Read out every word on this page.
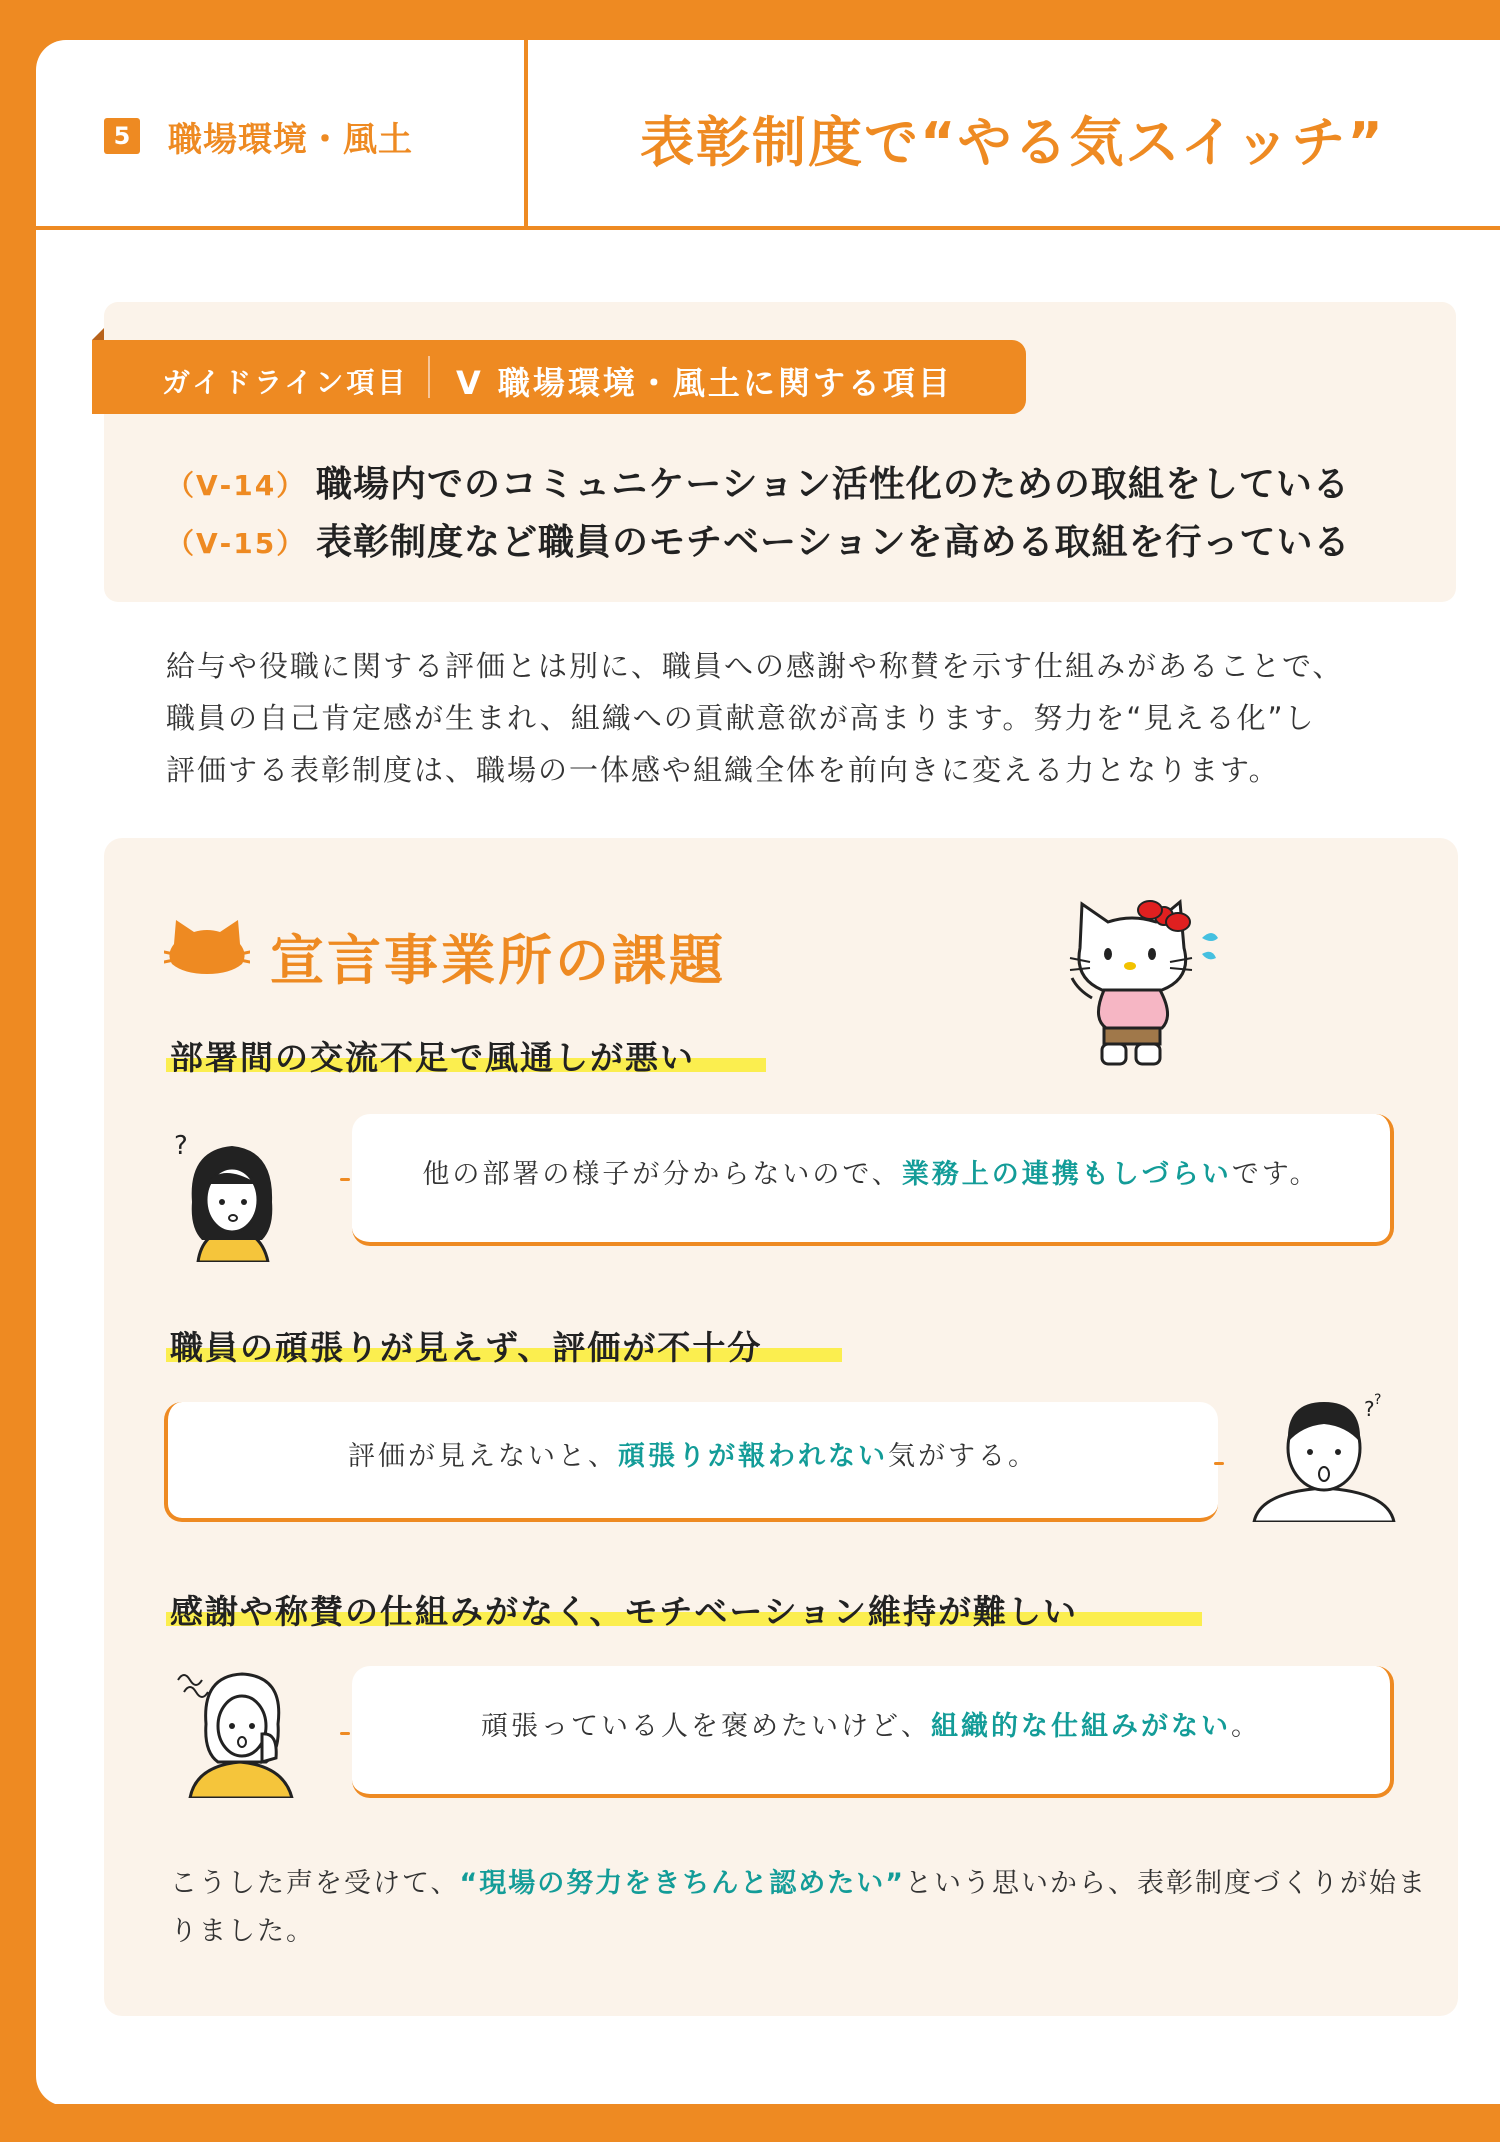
5 職場環境・風土	表彰制度で“やる気スイッチ”
ガイドライン項目 Ⅴ 職場環境・風土に関する項目
（Ⅴ-14） 職場内でのコミュニケーション活性化のための取組をしている
（Ⅴ-15） 表彰制度など職員のモチベーションを高める取組を行っている

給与や役職に関する評価とは別に、職員への感謝や称賛を示す仕組みがあることで、

職員の自己肯定感が生まれ、組織への貢献意欲が高まります。努力を“見える化”し

評価する表彰制度は、職場の一体感や組織全体を前向きに変える力となります。

宣言事業所の課題
部署間の交流不足で風通しが悪い
?
他の部署の様子が分からないので、業務上の連携もしづらいです。
職員の頑張りが見えず、評価が不十分
評価が見えないと、頑張りが報われない気がする。
? ?
感謝や称賛の仕組みがなく、モチベーション維持が難しい
頑張っている人を褒めたいけど、組織的な仕組みがない。

こうした声を受けて、“現場の努力をきちんと認めたい”という思いから、表彰制度づくりが始ま

りました。

P38
